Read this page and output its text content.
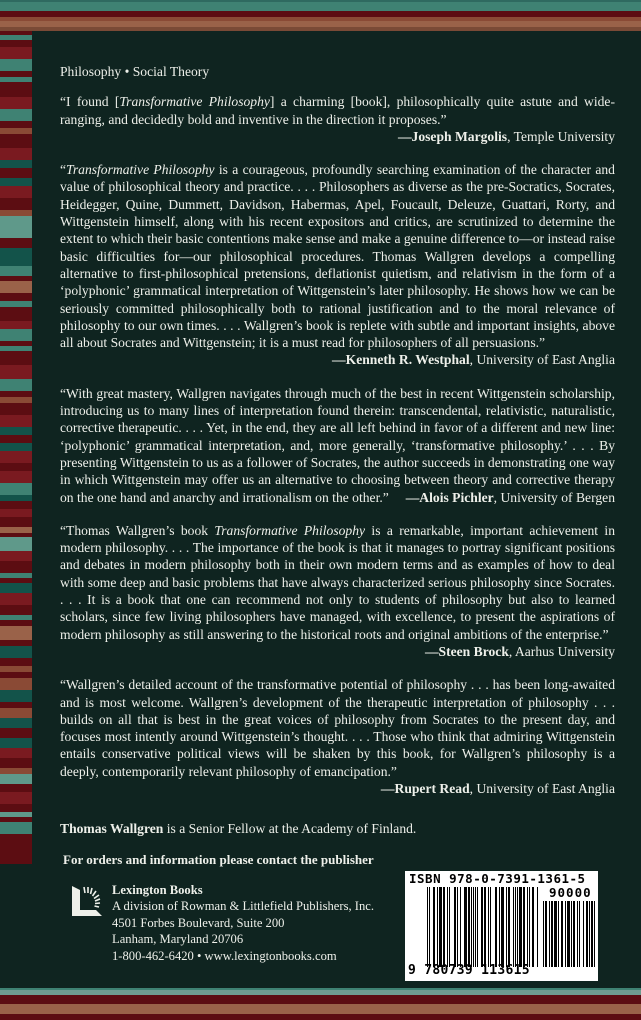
Philosophy • Social Theory

“I found [Transformative Philosophy] a charming [book], philosophically quite astute and wide-ranging, and decidedly bold and inventive in the direction it proposes.”

—Joseph Margolis, Temple University

“Transformative Philosophy is a courageous, profoundly searching examination of the character and value of philosophical theory and practice. . . . Philosophers as diverse as the pre-Socratics, Socrates, Heidegger, Quine, Dummett, Davidson, Habermas, Apel, Foucault, Deleuze, Guattari, Rorty, and Wittgenstein himself, along with his recent expositors and critics, are scrutinized to determine the extent to which their basic contentions make sense and make a genuine difference to—or instead raise basic difficulties for—our philosophical procedures. Thomas Wallgren develops a compelling alternative to first-philosophical pretensions, deflationist quietism, and relativism in the form of a ‘polyphonic’ grammatical interpretation of Wittgenstein’s later philosophy. He shows how we can be seriously committed philosophically both to rational justification and to the moral relevance of philosophy to our own times. . . . Wallgren’s book is replete with subtle and important insights, above all about Socrates and Wittgenstein; it is a must read for philosophers of all persuasions.”

—Kenneth R. Westphal, University of East Anglia

“With great mastery, Wallgren navigates through much of the best in recent Wittgenstein scholarship, introducing us to many lines of interpretation found therein: transcendental, relativistic, naturalistic, corrective therapeutic. . . . Yet, in the end, they are all left behind in favor of a different and new line: ‘polyphonic’ grammatical interpretation, and, more generally, ‘transformative philosophy.’ . . . By presenting Wittgenstein to us as a follower of Socrates, the author succeeds in demonstrating one way in which Wittgenstein may offer us an alternative to choosing between theory and corrective therapy on the one hand and anarchy and irrationalism on the other.” —Alois Pichler, University of Bergen

“Thomas Wallgren’s book Transformative Philosophy is a remarkable, important achievement in modern philosophy. . . . The importance of the book is that it manages to portray significant positions and debates in modern philosophy both in their own modern terms and as examples of how to deal with some deep and basic problems that have always characterized serious philosophy since Socrates. . . . It is a book that one can recommend not only to students of philosophy but also to learned scholars, since few living philosophers have managed, with excellence, to present the aspirations of modern philosophy as still answering to the historical roots and original ambitions of the enterprise.”

—Steen Brock, Aarhus University

“Wallgren’s detailed account of the transformative potential of philosophy . . . has been long-awaited and is most welcome. Wallgren’s development of the therapeutic interpretation of philosophy . . . builds on all that is best in the great voices of philosophy from Socrates to the present day, and focuses most intently around Wittgenstein’s thought. . . . Those who think that admiring Wittgenstein entails conservative political views will be shaken by this book, for Wallgren’s philosophy is a deeply, contemporarily relevant philosophy of emancipation.”
—Rupert Read, University of East Anglia

Thomas Wallgren is a Senior Fellow at the Academy of Finland.
For orders and information please contact the publisher
Lexington Books
A division of Rowman & Littlefield Publishers, Inc.
4501 Forbes Boulevard, Suite 200
Lanham, Maryland 20706
1-800-462-6420 • www.lexingtonbooks.com
ISBN 978-0-7391-1361-5
90000
9 780739 113615
